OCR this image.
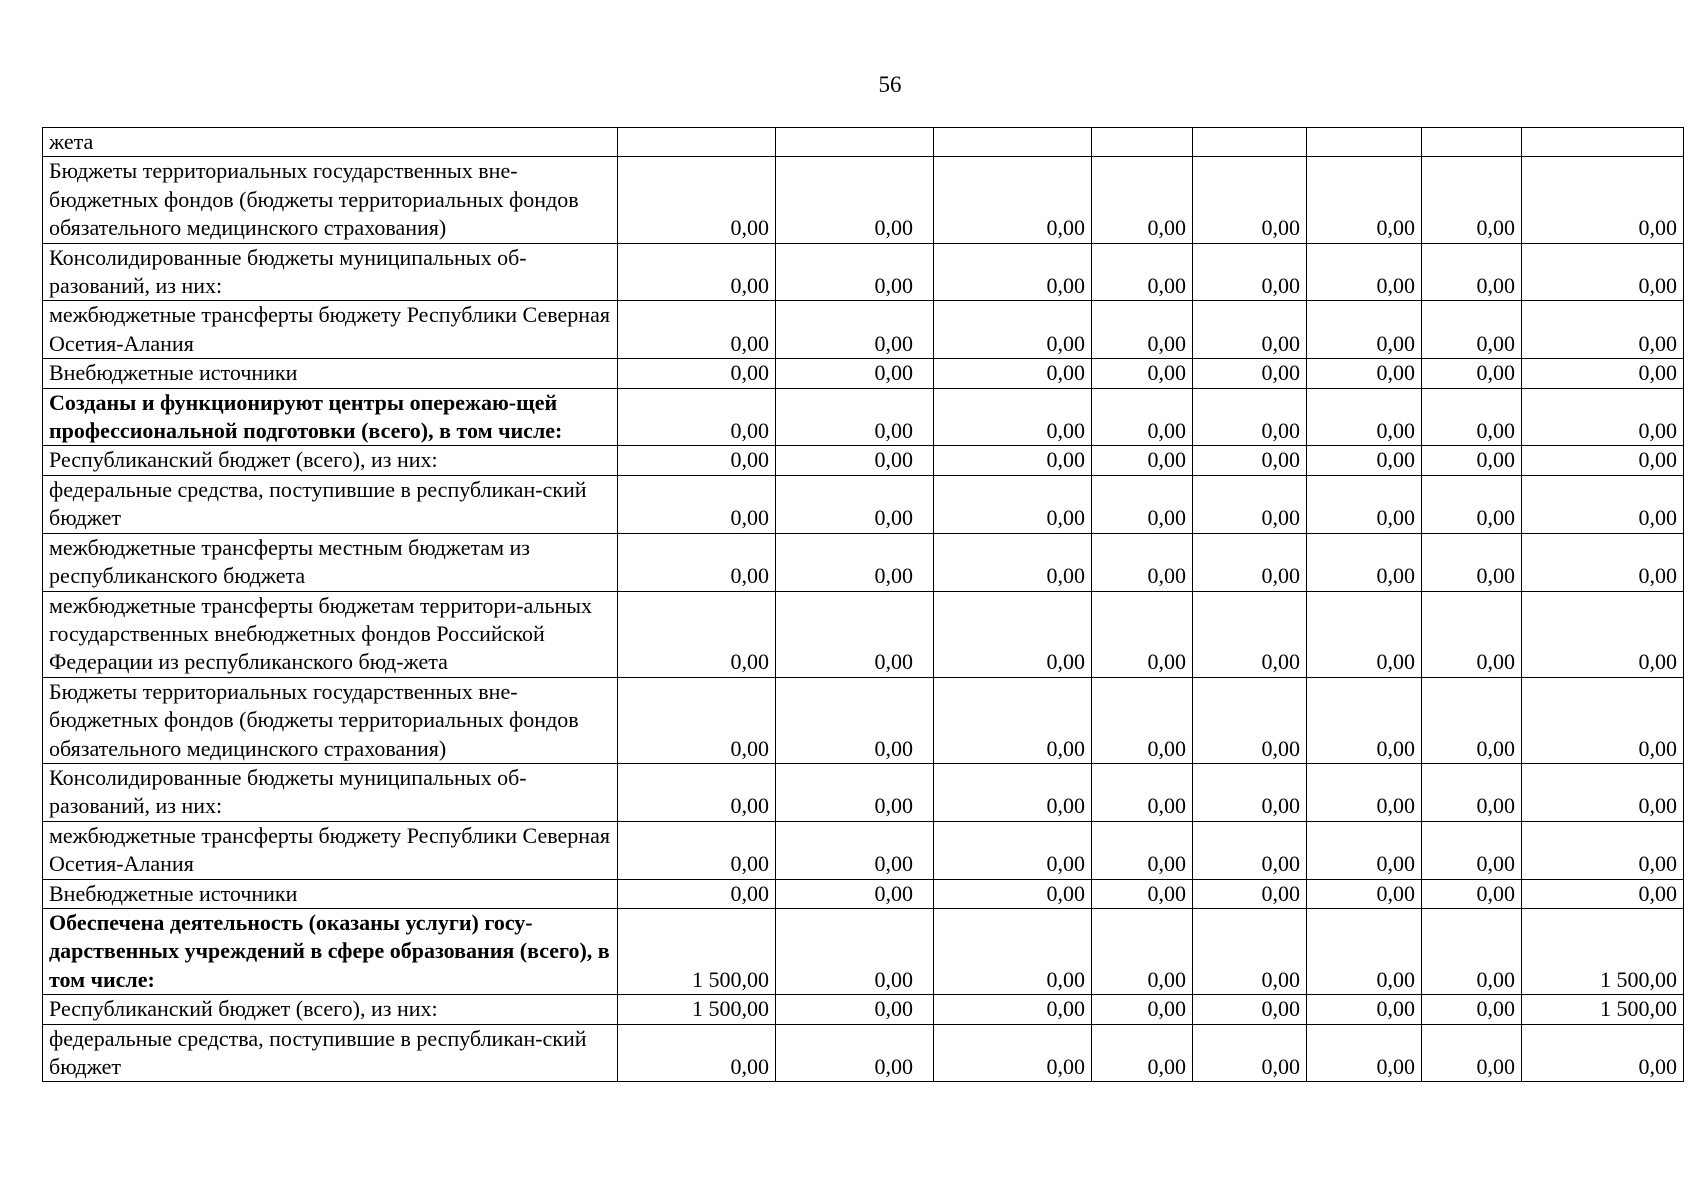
56
жета								
Бюджеты территориальных государственных вне-бюджетных фондов (бюджеты территориальных фондов обязательного медицинского страхования)	0,00	0,00	0,00	0,00	0,00	0,00	0,00	0,00
Консолидированные бюджеты муниципальных об-разований, из них:	0,00	0,00	0,00	0,00	0,00	0,00	0,00	0,00
межбюджетные трансферты бюджету Республики Северная Осетия-Алания	0,00	0,00	0,00	0,00	0,00	0,00	0,00	0,00
Внебюджетные источники	0,00	0,00	0,00	0,00	0,00	0,00	0,00	0,00
Созданы и функционируют центры опережаю-щей профессиональной подготовки (всего), в том числе:	0,00	0,00	0,00	0,00	0,00	0,00	0,00	0,00
Республиканский бюджет (всего), из них:	0,00	0,00	0,00	0,00	0,00	0,00	0,00	0,00
федеральные средства, поступившие в республикан-ский бюджет	0,00	0,00	0,00	0,00	0,00	0,00	0,00	0,00
межбюджетные трансферты местным бюджетам из республиканского бюджета	0,00	0,00	0,00	0,00	0,00	0,00	0,00	0,00
межбюджетные трансферты бюджетам территори-альных государственных внебюджетных фондов Российской Федерации из республиканского бюд-жета	0,00	0,00	0,00	0,00	0,00	0,00	0,00	0,00
Бюджеты территориальных государственных вне-бюджетных фондов (бюджеты территориальных фондов обязательного медицинского страхования)	0,00	0,00	0,00	0,00	0,00	0,00	0,00	0,00
Консолидированные бюджеты муниципальных об-разований, из них:	0,00	0,00	0,00	0,00	0,00	0,00	0,00	0,00
межбюджетные трансферты бюджету Республики Северная Осетия-Алания	0,00	0,00	0,00	0,00	0,00	0,00	0,00	0,00
Внебюджетные источники	0,00	0,00	0,00	0,00	0,00	0,00	0,00	0,00
Обеспечена деятельность (оказаны услуги) госу-дарственных учреждений в сфере образования (всего), в том числе:	1 500,00	0,00	0,00	0,00	0,00	0,00	0,00	1 500,00
Республиканский бюджет (всего), из них:	1 500,00	0,00	0,00	0,00	0,00	0,00	0,00	1 500,00
федеральные средства, поступившие в республикан-ский бюджет	0,00	0,00	0,00	0,00	0,00	0,00	0,00	0,00
